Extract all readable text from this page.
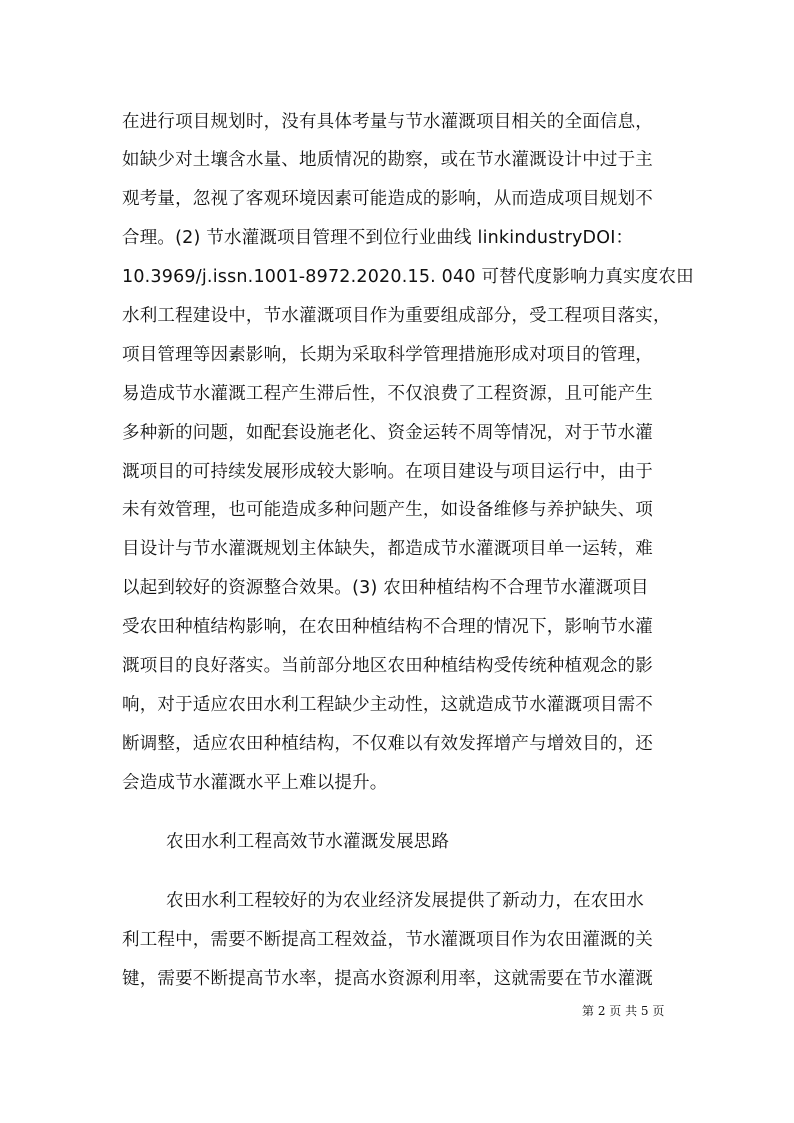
在进行项目规划时，没有具体考量与节水灌溉项目相关的全面信息，
如缺少对土壤含水量、地质情况的勘察，或在节水灌溉设计中过于主
观考量，忽视了客观环境因素可能造成的影响，从而造成项目规划不
合理。(2) 节水灌溉项目管理不到位行业曲线 linkindustryDOI：
10.3969/j.issn.1001-8972.2020.15. 040 可替代度影响力真实度农田
水利工程建设中，节水灌溉项目作为重要组成部分，受工程项目落实，
项目管理等因素影响，长期为采取科学管理措施形成对项目的管理，
易造成节水灌溉工程产生滞后性，不仅浪费了工程资源，且可能产生
多种新的问题，如配套设施老化、资金运转不周等情况，对于节水灌
溉项目的可持续发展形成较大影响。在项目建设与项目运行中，由于
未有效管理，也可能造成多种问题产生，如设备维修与养护缺失、项
目设计与节水灌溉规划主体缺失，都造成节水灌溉项目单一运转，难
以起到较好的资源整合效果。(3) 农田种植结构不合理节水灌溉项目
受农田种植结构影响，在农田种植结构不合理的情况下，影响节水灌
溉项目的良好落实。当前部分地区农田种植结构受传统种植观念的影
响，对于适应农田水利工程缺少主动性，这就造成节水灌溉项目需不
断调整，适应农田种植结构，不仅难以有效发挥增产与增效目的，还
会造成节水灌溉水平上难以提升。
农田水利工程高效节水灌溉发展思路
农田水利工程较好的为农业经济发展提供了新动力，在农田水
利工程中，需要不断提高工程效益，节水灌溉项目作为农田灌溉的关
键，需要不断提高节水率，提高水资源利用率，这就需要在节水灌溉
第 2 页 共 5 页
